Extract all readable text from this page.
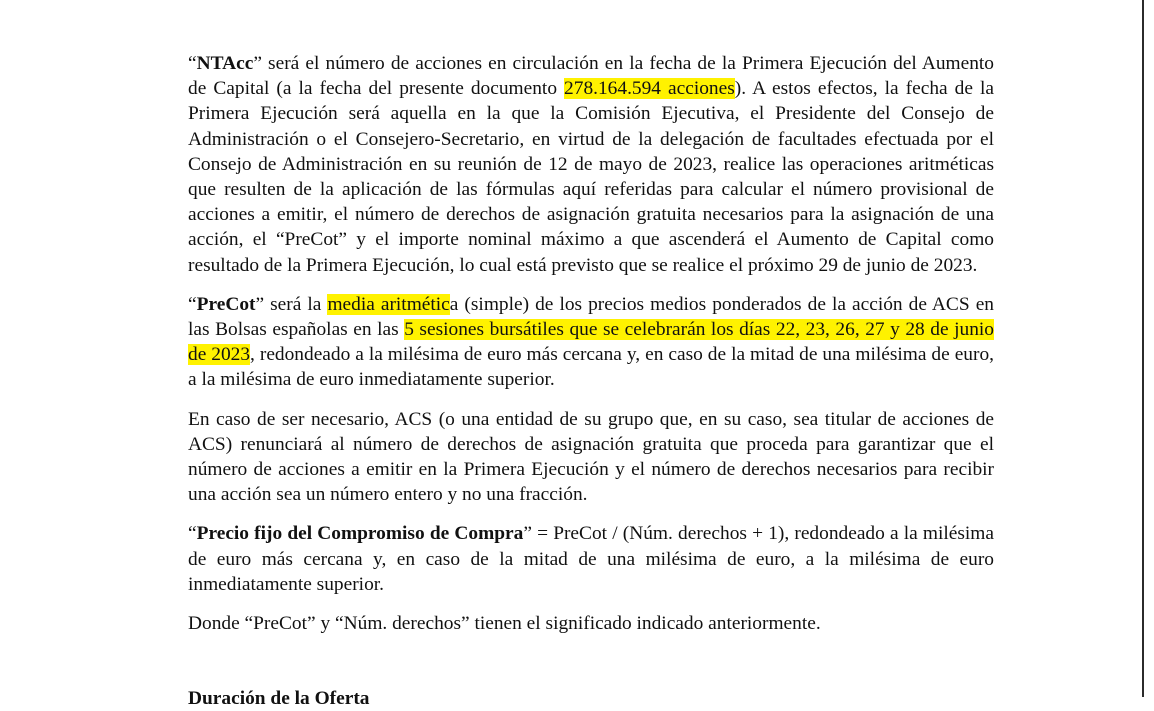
“NTAcc” será el número de acciones en circulación en la fecha de la Primera Ejecución del Aumento de Capital (a la fecha del presente documento 278.164.594 acciones). A estos efectos, la fecha de la Primera Ejecución será aquella en la que la Comisión Ejecutiva, el Presidente del Consejo de Administración o el Consejero-Secretario, en virtud de la delegación de facultades efectuada por el Consejo de Administración en su reunión de 12 de mayo de 2023, realice las operaciones aritméticas que resulten de la aplicación de las fórmulas aquí referidas para calcular el número provisional de acciones a emitir, el número de derechos de asignación gratuita necesarios para la asignación de una acción, el “PreCot” y el importe nominal máximo a que ascenderá el Aumento de Capital como resultado de la Primera Ejecución, lo cual está previsto que se realice el próximo 29 de junio de 2023.

“PreCot” será la media aritmética (simple) de los precios medios ponderados de la acción de ACS en las Bolsas españolas en las 5 sesiones bursátiles que se celebrarán los días 22, 23, 26, 27 y 28 de junio de 2023, redondeado a la milésima de euro más cercana y, en caso de la mitad de una milésima de euro, a la milésima de euro inmediatamente superior.

En caso de ser necesario, ACS (o una entidad de su grupo que, en su caso, sea titular de acciones de ACS) renunciará al número de derechos de asignación gratuita que proceda para garantizar que el número de acciones a emitir en la Primera Ejecución y el número de derechos necesarios para recibir una acción sea un número entero y no una fracción.

“Precio fijo del Compromiso de Compra” = PreCot / (Núm. derechos + 1), redondeado a la milésima de euro más cercana y, en caso de la mitad de una milésima de euro, a la milésima de euro inmediatamente superior.

Donde “PreCot” y “Núm. derechos” tienen el significado indicado anteriormente.

Duración de la Oferta
